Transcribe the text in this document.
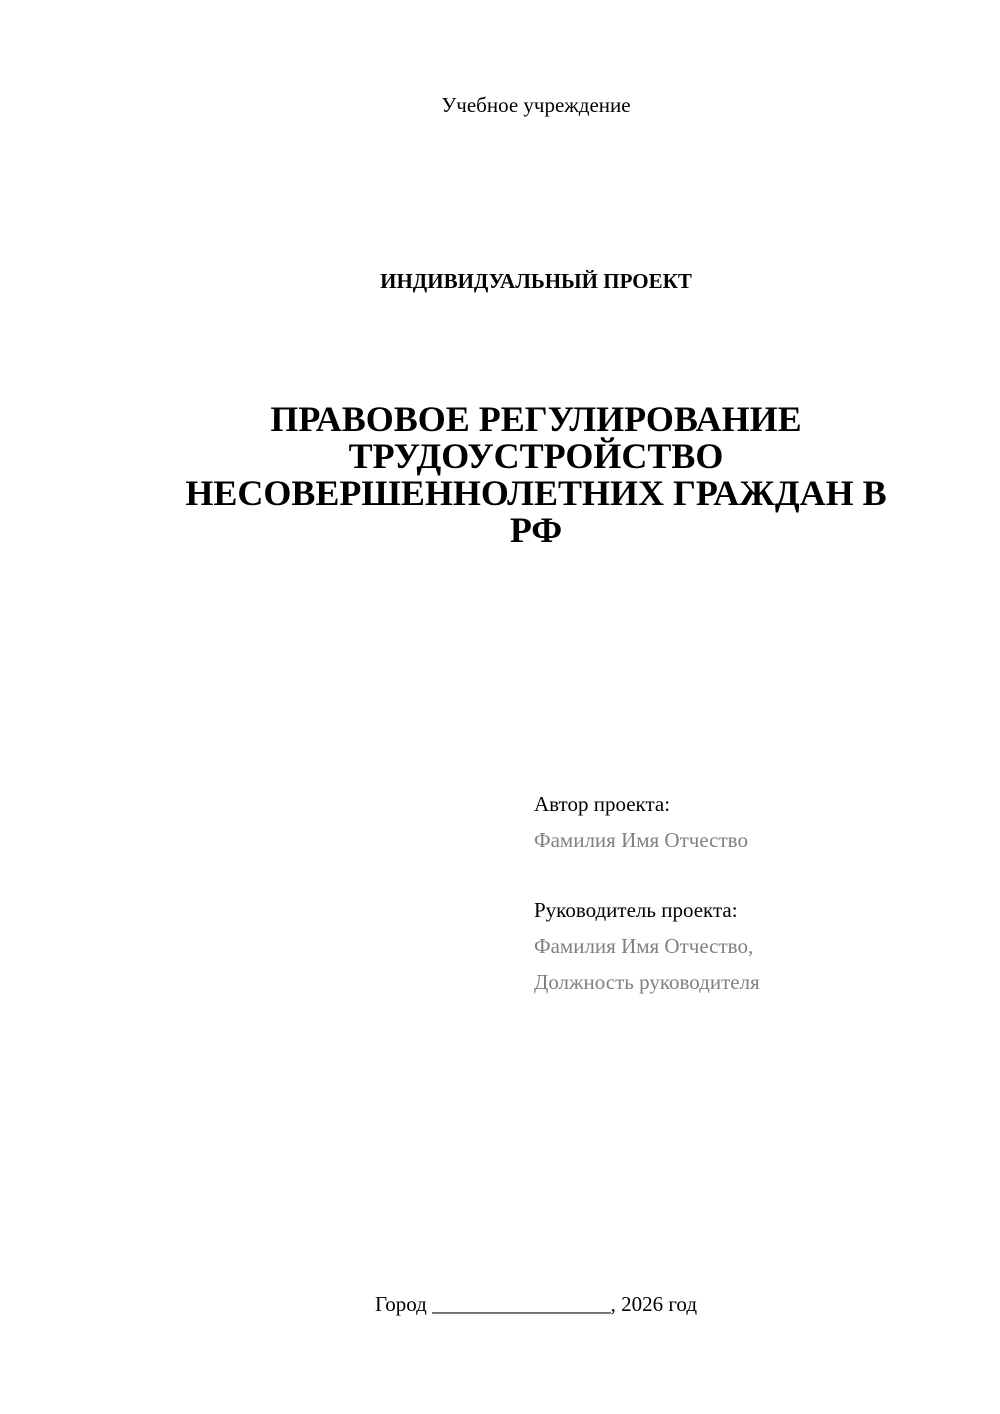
Учебное учреждение
ИНДИВИДУАЛЬНЫЙ ПРОЕКТ
ПРАВОВОЕ РЕГУЛИРОВАНИЕ
ТРУДОУСТРОЙСТВО
НЕСОВЕРШЕННОЛЕТНИХ ГРАЖДАН В
РФ
Автор проекта:
Фамилия Имя Отчество
Руководитель проекта:
Фамилия Имя Отчество,
Должность руководителя
Город _________________, 2026 год
